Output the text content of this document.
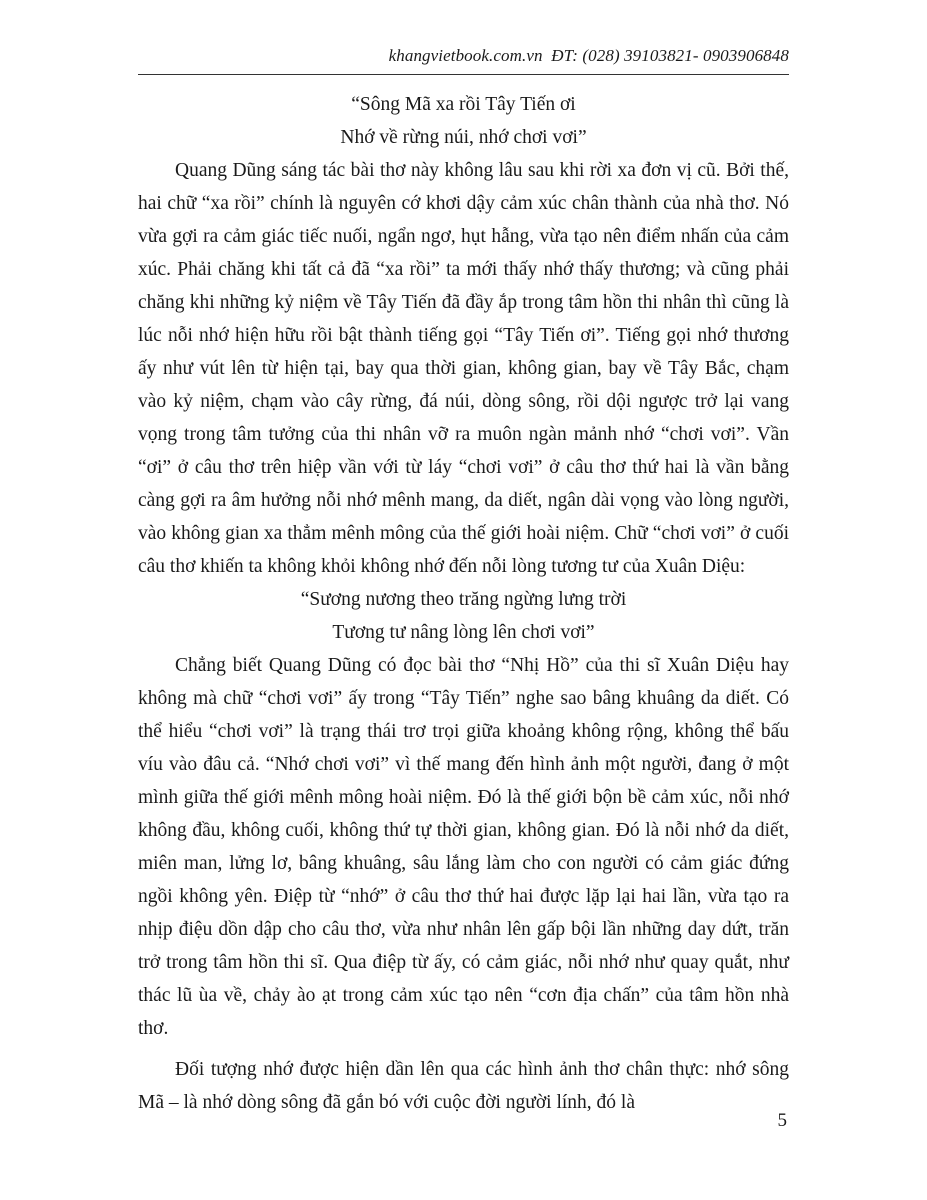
khangvietbook.com.vn ĐT: (028) 39103821- 0903906848
“Sông Mã xa rồi Tây Tiến ơi
Nhớ về rừng núi, nhớ chơi vơi”

Quang Dũng sáng tác bài thơ này không lâu sau khi rời xa đơn vị cũ. Bởi thế, hai chữ “xa rồi” chính là nguyên cớ khơi dậy cảm xúc chân thành của nhà thơ. Nó vừa gợi ra cảm giác tiếc nuối, ngẩn ngơ, hụt hẫng, vừa tạo nên điểm nhấn của cảm xúc. Phải chăng khi tất cả đã “xa rồi” ta mới thấy nhớ thấy thương; và cũng phải chăng khi những kỷ niệm về Tây Tiến đã đầy ắp trong tâm hồn thi nhân thì cũng là lúc nỗi nhớ hiện hữu rồi bật thành tiếng gọi “Tây Tiến ơi”. Tiếng gọi nhớ thương ấy như vút lên từ hiện tại, bay qua thời gian, không gian, bay về Tây Bắc, chạm vào kỷ niệm, chạm vào cây rừng, đá núi, dòng sông, rồi dội ngược trở lại vang vọng trong tâm tưởng của thi nhân vỡ ra muôn ngàn mảnh nhớ “chơi vơi”. Vần “ơi” ở câu thơ trên hiệp vần với từ láy “chơi vơi” ở câu thơ thứ hai là vần bằng càng gợi ra âm hưởng nỗi nhớ mênh mang, da diết, ngân dài vọng vào lòng người, vào không gian xa thẳm mênh mông của thế giới hoài niệm. Chữ “chơi vơi” ở cuối câu thơ khiến ta không khỏi không nhớ đến nỗi lòng tương tư của Xuân Diệu:

“Sương nương theo trăng ngừng lưng trời
Tương tư nâng lòng lên chơi vơi”

Chẳng biết Quang Dũng có đọc bài thơ “Nhị Hồ” của thi sĩ Xuân Diệu hay không mà chữ “chơi vơi” ấy trong “Tây Tiến” nghe sao bâng khuâng da diết. Có thể hiểu “chơi vơi” là trạng thái trơ trọi giữa khoảng không rộng, không thể bấu víu vào đâu cả. “Nhớ chơi vơi” vì thế mang đến hình ảnh một người, đang ở một mình giữa thế giới mênh mông hoài niệm. Đó là thế giới bộn bề cảm xúc, nỗi nhớ không đầu, không cuối, không thứ tự thời gian, không gian. Đó là nỗi nhớ da diết, miên man, lửng lơ, bâng khuâng, sâu lắng làm cho con người có cảm giác đứng ngồi không yên. Điệp từ “nhớ” ở câu thơ thứ hai được lặp lại hai lần, vừa tạo ra nhịp điệu dồn dập cho câu thơ, vừa như nhân lên gấp bội lần những day dứt, trăn trở trong tâm hồn thi sĩ. Qua điệp từ ấy, có cảm giác, nỗi nhớ như quay quắt, như thác lũ ùa về, chảy ào ạt trong cảm xúc tạo nên “cơn địa chấn” của tâm hồn nhà thơ.

Đối tượng nhớ được hiện dần lên qua các hình ảnh thơ chân thực: nhớ sông Mã – là nhớ dòng sông đã gắn bó với cuộc đời người lính, đó là

5
